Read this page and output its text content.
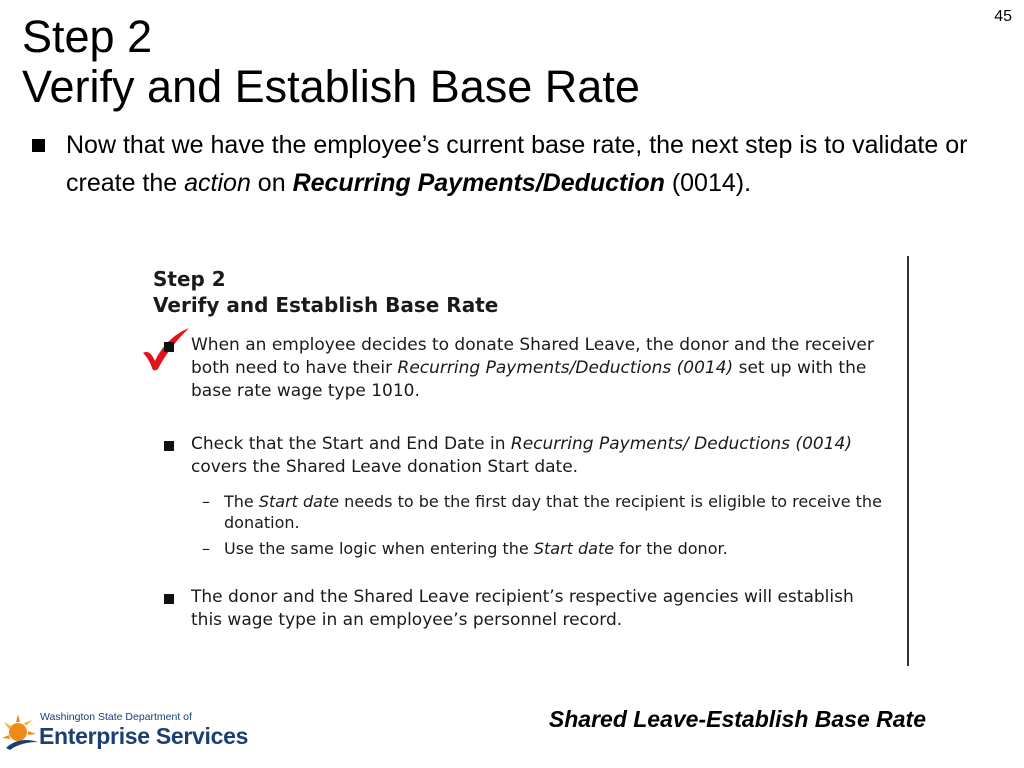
45
Step 2
Verify and Establish Base Rate
Now that we have the employee’s current base rate, the next step is to validate or create the action on Recurring Payments/Deduction (0014).
Step 2
Verify and Establish Base Rate
When an employee decides to donate Shared Leave, the donor and the receiver both need to have their Recurring Payments/Deductions (0014) set up with the base rate wage type 1010.
Check that the Start and End Date in Recurring Payments/ Deductions (0014) covers the Shared Leave donation Start date.
– The Start date needs to be the first day that the recipient is eligible to receive the donation.
– Use the same logic when entering the Start date for the donor.
The donor and the Shared Leave recipient’s respective agencies will establish this wage type in an employee’s personnel record.
Shared Leave-Establish Base Rate
Washington State Department of
Enterprise Services
